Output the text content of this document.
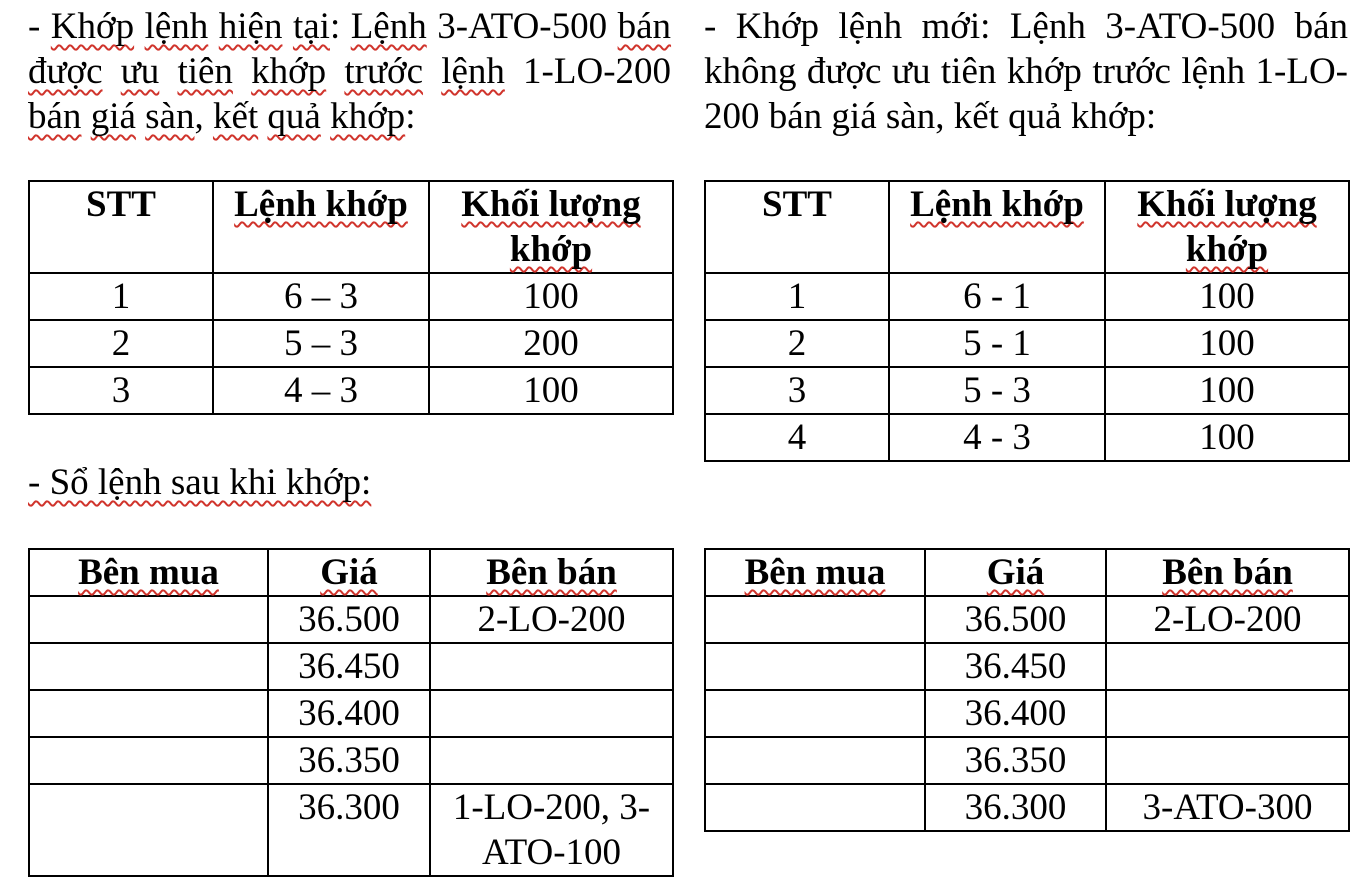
- Khớp lệnh hiện tại: Lệnh 3-ATO-500 bán được ưu tiên khớp trước lệnh 1-LO-200 bán giá sàn, kết quả khớp:

- Khớp lệnh mới: Lệnh 3-ATO-500 bán không được ưu tiên khớp trước lệnh 1-LO-200 bán giá sàn, kết quả khớp:

STT	Lệnh khớp	Khối lượng khớp
1	6 – 3	100
2	5 – 3	200
3	4 – 3	100
STT	Lệnh khớp	Khối lượng khớp
1	6 - 1	100
2	5 - 1	100
3	5 - 3	100
4	4 - 3	100

- Sổ lệnh sau khi khớp:

Bên mua	Giá	Bên bán
	36.500	2-LO-200
	36.450	
	36.400	
	36.350	
	36.300	1-LO-200, 3-ATO-100
Bên mua	Giá	Bên bán
	36.500	2-LO-200
	36.450	
	36.400	
	36.350	
	36.300	3-ATO-300
